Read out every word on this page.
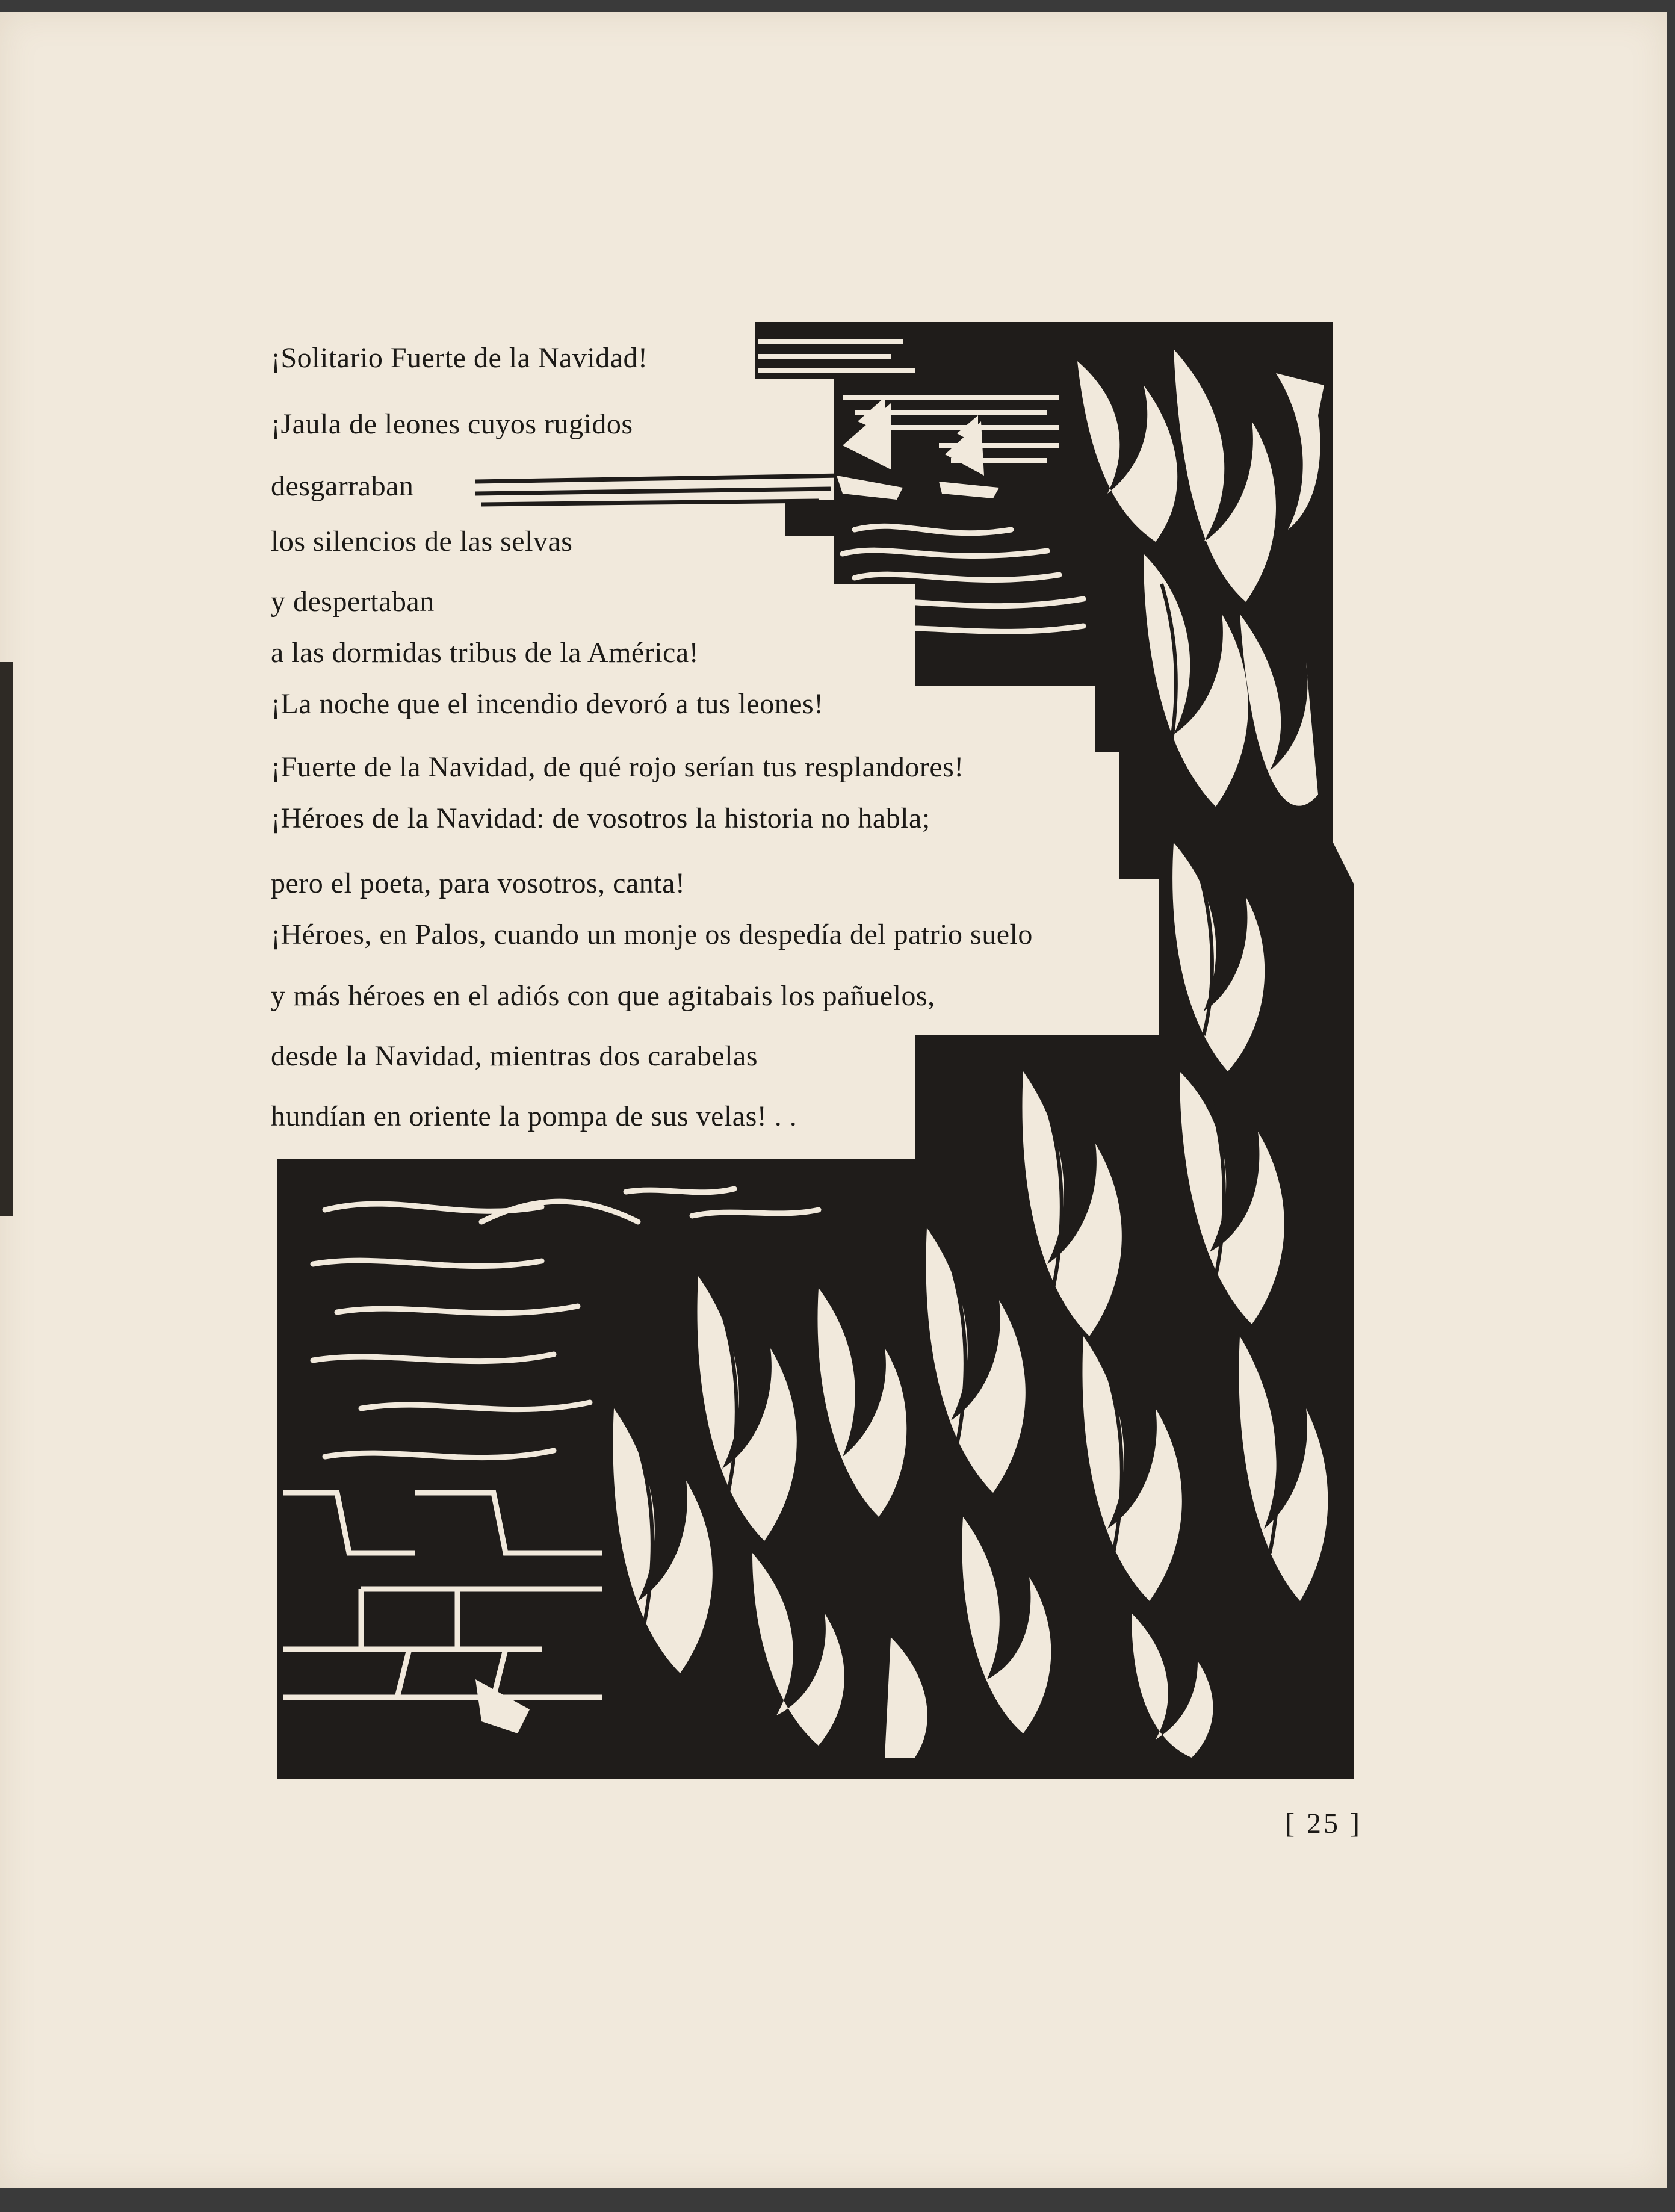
¡Solitario Fuerte de la Navidad!
¡Jaula de leones cuyos rugidos
desgarraban
los silencios de las selvas
y despertaban
a las dormidas tribus de la América!
¡La noche que el incendio devoró a tus leones!
¡Fuerte de la Navidad, de qué rojo serían tus resplandores!
¡Héroes de la Navidad: de vosotros la historia no habla;
pero el poeta, para vosotros, canta!
¡Héroes, en Palos, cuando un monje os despedía del patrio suelo
y más héroes en el adiós con que agitabais los pañuelos,
desde la Navidad, mientras dos carabelas
hundían en oriente la pompa de sus velas! . .
[ 25 ]
